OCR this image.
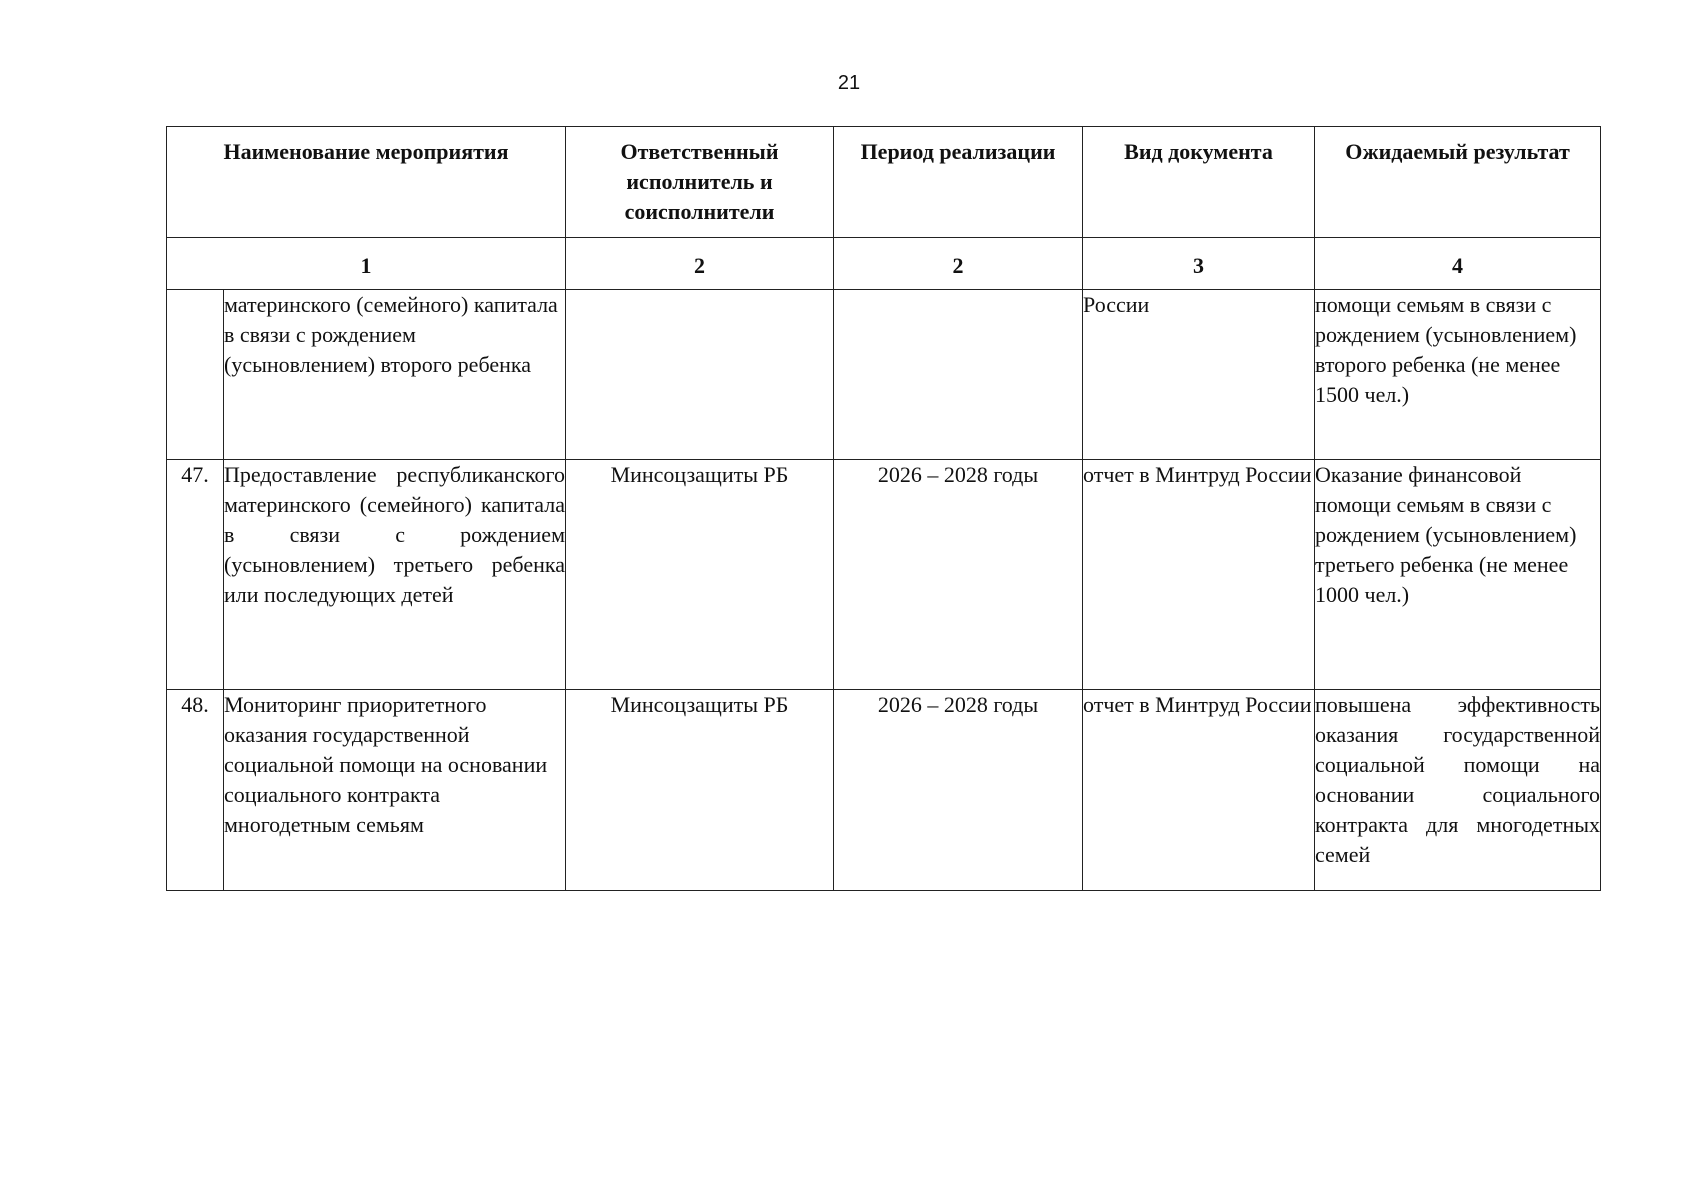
21
Наименование мероприятия		Ответственный исполнитель и соисполнители	Период реализации	Вид документа	Ожидаемый результат
1		2	2	3	4
	материнского (семейного) капитала в связи с рождением (усыновлением) второго ребенка			России	помощи семьям в связи с рождением (усыновлением) второго ребенка (не менее 1500 чел.)
47.	Предоставление республиканского материнского (семейного) капитала в связи с рождением (усыновлением) третьего ребенка или последующих детей	Минсоцзащиты РБ	2026 – 2028 годы	отчет в Минтруд России	Оказание финансовой помощи семьям в связи с рождением (усыновлением) третьего ребенка (не менее 1000 чел.)
48.	Мониторинг приоритетного оказания государственной социальной помощи на основании социального контракта многодетным семьям	Минсоцзащиты РБ	2026 – 2028 годы	отчет в Минтруд России	повышена эффективность оказания государственной социальной помощи на основании социального контракта для многодетных семей
